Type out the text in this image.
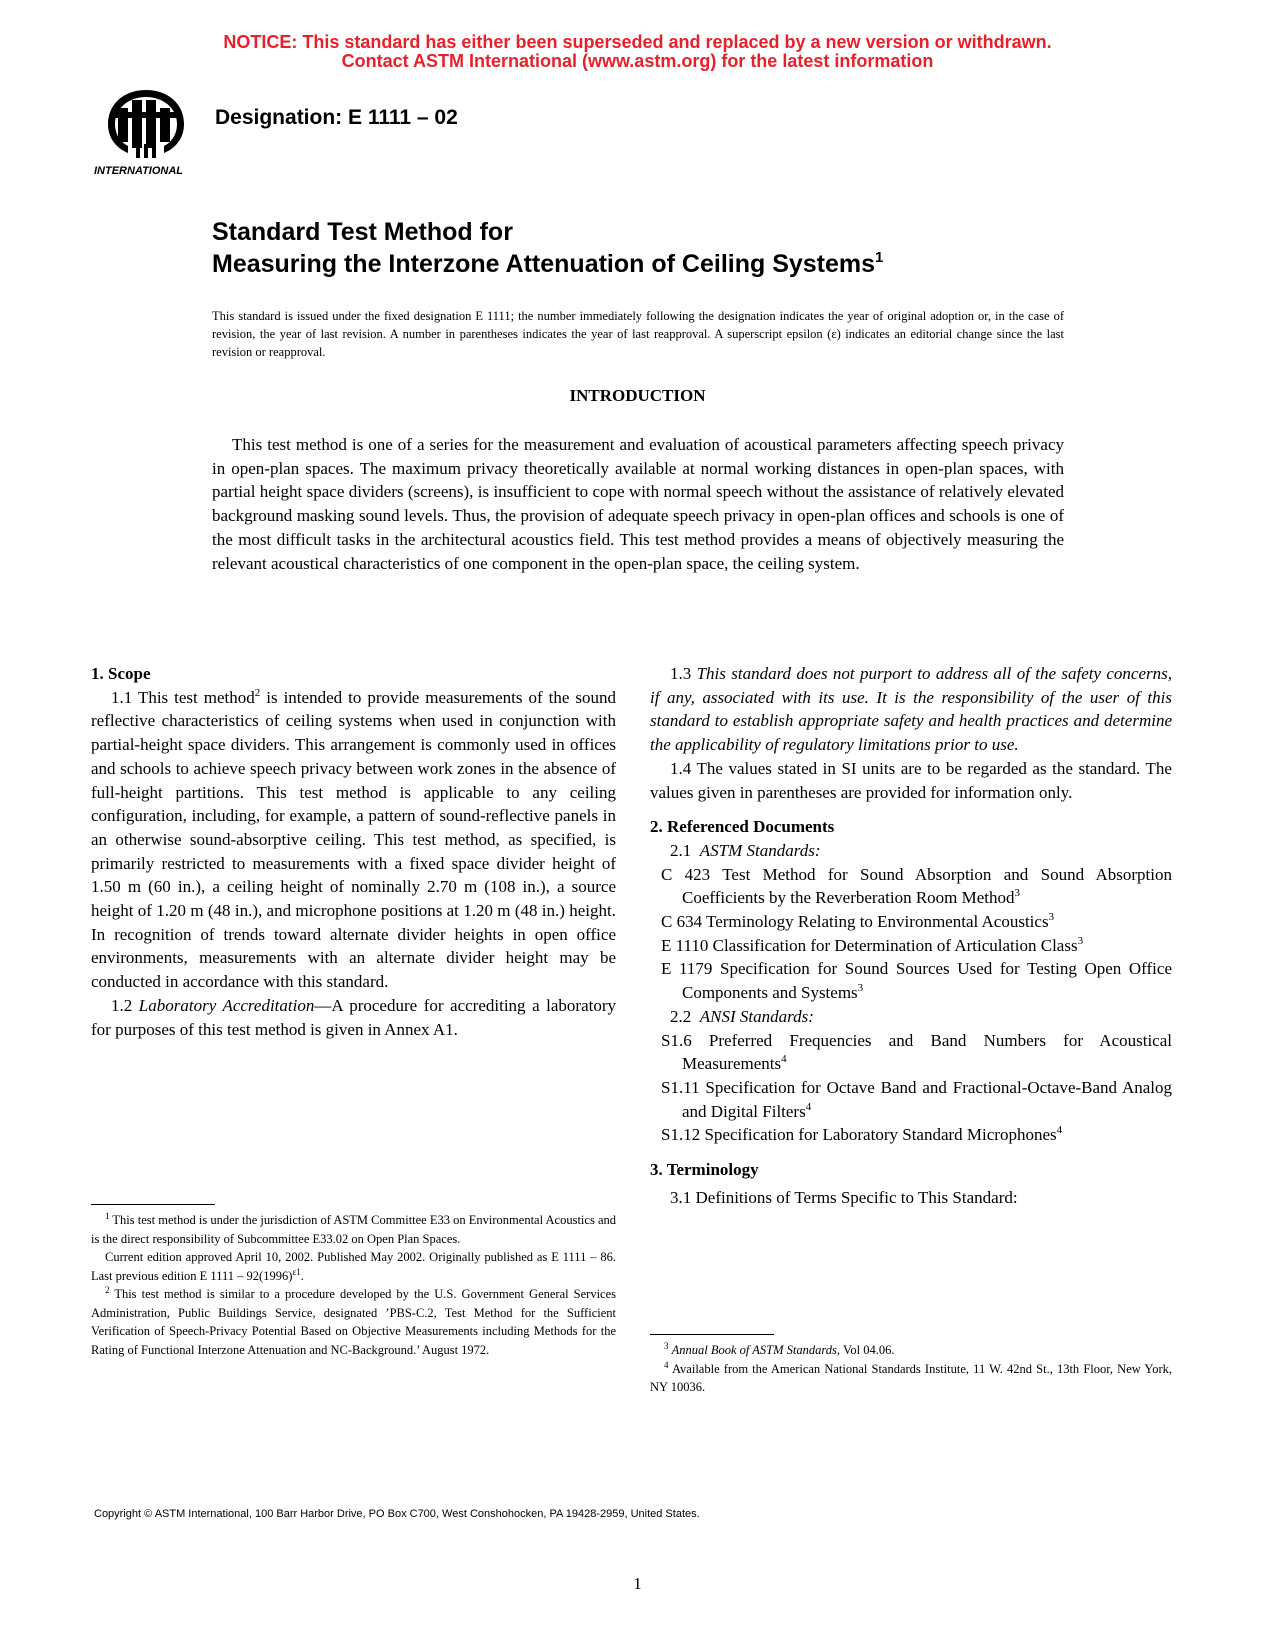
NOTICE: This standard has either been superseded and replaced by a new version or withdrawn.
Contact ASTM International (www.astm.org) for the latest information
INTERNATIONAL
Designation: E 1111 – 02
Standard Test Method for
Measuring the Interzone Attenuation of Ceiling Systems$^1$
This standard is issued under the fixed designation E 1111; the number immediately following the designation indicates the year of original adoption or, in the case of revision, the year of last revision. A number in parentheses indicates the year of last reapproval. A superscript epsilon (ε) indicates an editorial change since the last revision or reapproval.
INTRODUCTION

This test method is one of a series for the measurement and evaluation of acoustical parameters affecting speech privacy in open-plan spaces. The maximum privacy theoretically available at normal working distances in open-plan spaces, with partial height space dividers (screens), is insufficient to cope with normal speech without the assistance of relatively elevated background masking sound levels. Thus, the provision of adequate speech privacy in open-plan offices and schools is one of the most difficult tasks in the architectural acoustics field. This test method provides a means of objectively measuring the relevant acoustical characteristics of one component in the open-plan space, the ceiling system.

1. Scope

1.1 This test method$^2$ is intended to provide measurements of the sound reflective characteristics of ceiling systems when used in conjunction with partial-height space dividers. This arrangement is commonly used in offices and schools to achieve speech privacy between work zones in the absence of full-height partitions. This test method is applicable to any ceiling configuration, including, for example, a pattern of sound-reflective panels in an otherwise sound-absorptive ceiling. This test method, as specified, is primarily restricted to measurements with a fixed space divider height of 1.50 m (60 in.), a ceiling height of nominally 2.70 m (108 in.), a source height of 1.20 m (48 in.), and microphone positions at 1.20 m (48 in.) height. In recognition of trends toward alternate divider heights in open office environments, measurements with an alternate divider height may be conducted in accordance with this standard.

1.2 Laboratory Accreditation—A procedure for accrediting a laboratory for purposes of this test method is given in Annex A1.

$^1$ This test method is under the jurisdiction of ASTM Committee E33 on Environmental Acoustics and is the direct responsibility of Subcommittee E33.02 on Open Plan Spaces.

Current edition approved April 10, 2002. Published May 2002. Originally published as E 1111 – 86. Last previous edition E $1111 - 92(1996)^{\varepsilon 1}$.

$^2$ This test method is similar to a procedure developed by the U.S. Government General Services Administration, Public Buildings Service, designated ’PBS-C.2, Test Method for the Sufficient Verification of Speech-Privacy Potential Based on Objective Measurements including Methods for the Rating of Functional Interzone Attenuation and NC-Background.’ August 1972.

1.3 This standard does not purport to address all of the safety concerns, if any, associated with its use. It is the responsibility of the user of this standard to establish appropriate safety and health practices and determine the applicability of regulatory limitations prior to use.

1.4 The values stated in SI units are to be regarded as the standard. The values given in parentheses are provided for information only.

2. Referenced Documents

2.1 ASTM Standards:

C 423 Test Method for Sound Absorption and Sound Absorption Coefficients by the Reverberation Room Method$^3$

C 634 Terminology Relating to Environmental Acoustics$^3$

E 1110 Classification for Determination of Articulation Class$^3$

E 1179 Specification for Sound Sources Used for Testing Open Office Components and Systems$^3$

2.2 ANSI Standards:

S1.6 Preferred Frequencies and Band Numbers for Acoustical Measurements$^4$

S1.11 Specification for Octave Band and Fractional-Octave-Band Analog and Digital Filters$^4$

S1.12 Specification for Laboratory Standard Microphones$^4$

3. Terminology

3.1 Definitions of Terms Specific to This Standard:

$^3$ Annual Book of ASTM Standards, Vol 04.06.

$^4$ Available from the American National Standards Institute, 11 W. 42nd St., 13th Floor, New York, NY 10036.

Copyright © ASTM International, 100 Barr Harbor Drive, PO Box C700, West Conshohocken, PA 19428-2959, United States.
1
